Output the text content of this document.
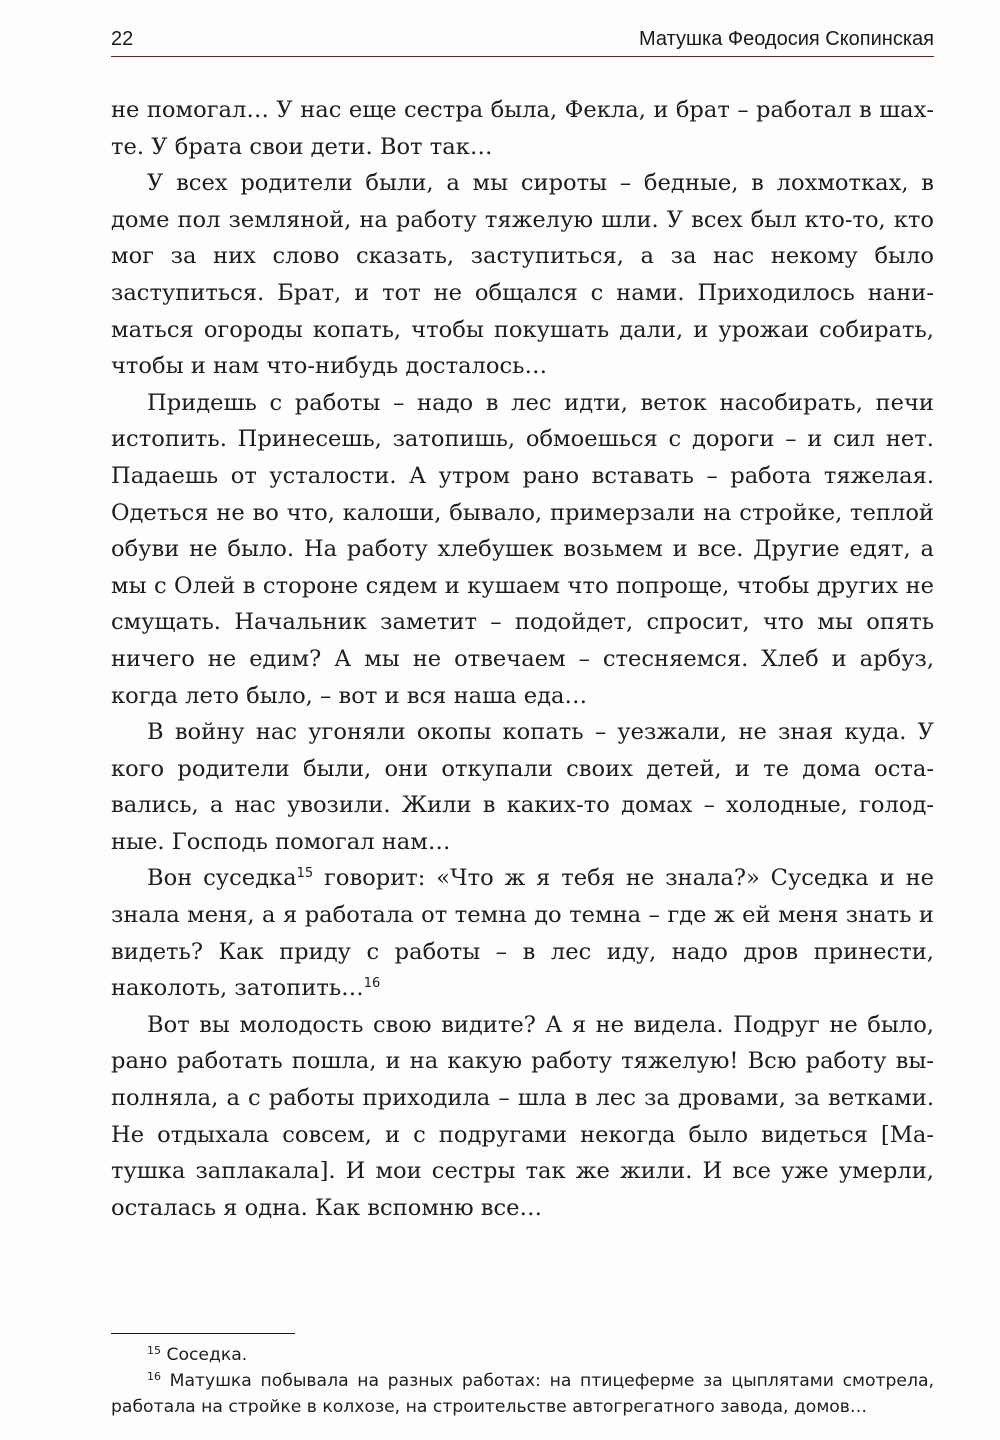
22	Матушка Феодосия Скопинская

не помогал… У нас еще сестра была, Фекла, и брат – работал в шахте. У брата свои дети. Вот так…

У всех родители были, а мы сироты – бедные, в лохмотках, в доме пол земляной, на работу тяжелую шли. У всех был кто-то, кто мог за них слово сказать, заступиться, а за нас некому было заступиться. Брат, и тот не общался с нами. Приходилось наниматься огороды копать, чтобы покушать дали, и урожаи собирать, чтобы и нам что-нибудь досталось…

Придешь с работы – надо в лес идти, веток насобирать, печи истопить. Принесешь, затопишь, обмоешься с дороги – и сил нет. Падаешь от усталости. А утром рано вставать – работа тяжелая. Одеться не во что, калоши, бывало, примерзали на стройке, теплой обуви не было. На работу хлебушек возьмем и все. Другие едят, а мы с Олей в стороне сядем и кушаем что попроще, чтобы других не смущать. Начальник заметит – подойдет, спросит, что мы опять ничего не едим? А мы не отвечаем – стесняемся. Хлеб и арбуз, когда лето было, – вот и вся наша еда…

В войну нас угоняли окопы копать – уезжали, не зная куда. У кого родители были, они откупали своих детей, и те дома оставались, а нас увозили. Жили в каких-то домах – холодные, голодные. Господь помогал нам…

Вон суседка$^{15}$ говорит: «Что ж я тебя не знала?» Суседка и не знала меня, а я работала от темна до темна – где ж ей меня знать и видеть? Как приду с работы – в лес иду, надо дров принести, наколоть, затопить…$^{16}$

Вот вы молодость свою видите? А я не видела. Подруг не было, рано работать пошла, и на какую работу тяжелую! Всю работу выполняла, а с работы приходила – шла в лес за дровами, за ветками. Не отдыхала совсем, и с подругами некогда было видеться [Матушка заплакала]. И мои сестры так же жили. И все уже умерли, осталась я одна. Как вспомню все…

$^{15}$ Соседка.

$^{16}$ Матушка побывала на разных работах: на птицеферме за цыплятами смотрела, работала на стройке в колхозе, на строительстве автогрегатного завода, домов…
